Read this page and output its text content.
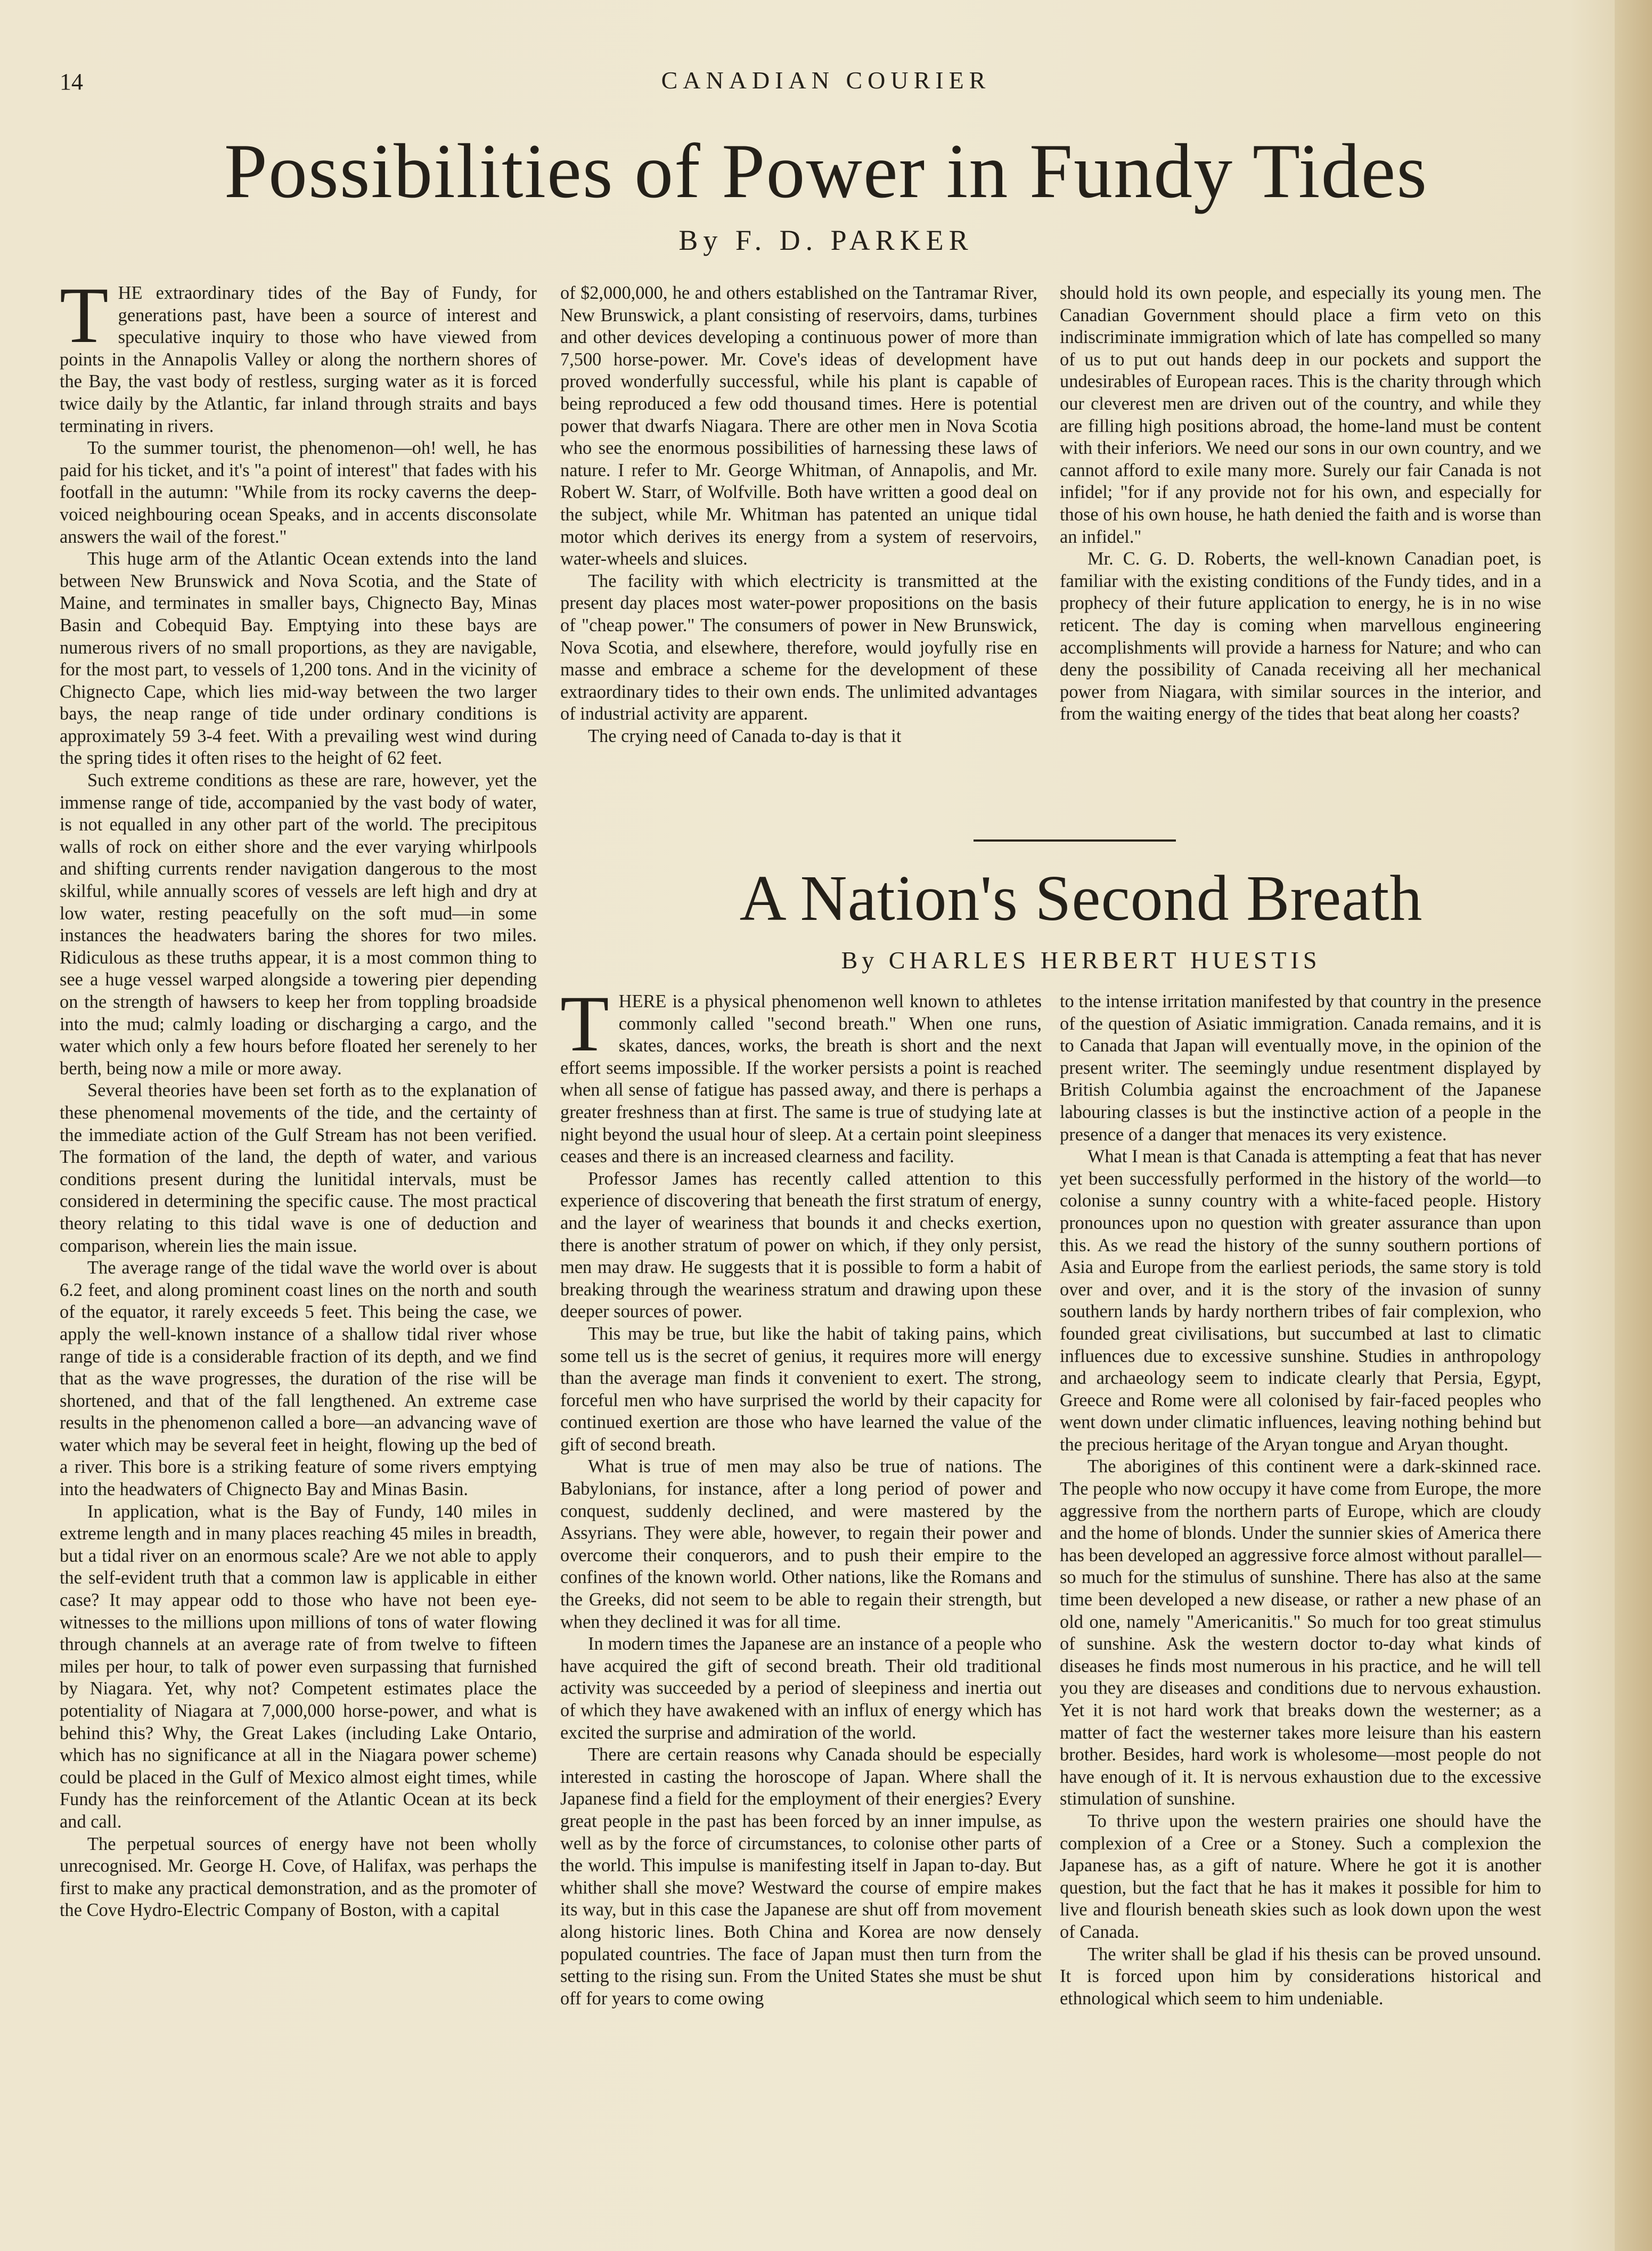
14	CANADIAN COURIER
Possibilities of Power in Fundy Tides
By F. D. PARKER

THE extraordinary tides of the Bay of Fundy, for generations past, have been a source of interest and speculative inquiry to those who have viewed from points in the Annapolis Valley or along the northern shores of the Bay, the vast body of restless, surging water as it is forced twice daily by the Atlantic, far inland through straits and bays terminating in rivers.

To the summer tourist, the phenomenon—oh! well, he has paid for his ticket, and it's "a point of interest" that fades with his footfall in the autumn: "While from its rocky caverns the deep-voiced neighbouring ocean Speaks, and in accents disconsolate answers the wail of the forest."

This huge arm of the Atlantic Ocean extends into the land between New Brunswick and Nova Scotia, and the State of Maine, and terminates in smaller bays, Chignecto Bay, Minas Basin and Cobequid Bay. Emptying into these bays are numerous rivers of no small proportions, as they are navigable, for the most part, to vessels of 1,200 tons. And in the vicinity of Chignecto Cape, which lies mid-way between the two larger bays, the neap range of tide under ordinary conditions is approximately 59 3-4 feet. With a prevailing west wind during the spring tides it often rises to the height of 62 feet.

Such extreme conditions as these are rare, however, yet the immense range of tide, accompanied by the vast body of water, is not equalled in any other part of the world. The precipitous walls of rock on either shore and the ever varying whirlpools and shifting currents render navigation dangerous to the most skilful, while annually scores of vessels are left high and dry at low water, resting peacefully on the soft mud—in some instances the headwaters baring the shores for two miles. Ridiculous as these truths appear, it is a most common thing to see a huge vessel warped alongside a towering pier depending on the strength of hawsers to keep her from toppling broadside into the mud; calmly loading or discharging a cargo, and the water which only a few hours before floated her serenely to her berth, being now a mile or more away.

Several theories have been set forth as to the explanation of these phenomenal movements of the tide, and the certainty of the immediate action of the Gulf Stream has not been verified. The formation of the land, the depth of water, and various conditions present during the lunitidal intervals, must be considered in determining the specific cause. The most practical theory relating to this tidal wave is one of deduction and comparison, wherein lies the main issue.

The average range of the tidal wave the world over is about 6.2 feet, and along prominent coast lines on the north and south of the equator, it rarely exceeds 5 feet. This being the case, we apply the well-known instance of a shallow tidal river whose range of tide is a considerable fraction of its depth, and we find that as the wave progresses, the duration of the rise will be shortened, and that of the fall lengthened. An extreme case results in the phenomenon called a bore—an advancing wave of water which may be several feet in height, flowing up the bed of a river. This bore is a striking feature of some rivers emptying into the headwaters of Chignecto Bay and Minas Basin.

In application, what is the Bay of Fundy, 140 miles in extreme length and in many places reaching 45 miles in breadth, but a tidal river on an enormous scale? Are we not able to apply the self-evident truth that a common law is applicable in either case? It may appear odd to those who have not been eye-witnesses to the millions upon millions of tons of water flowing through channels at an average rate of from twelve to fifteen miles per hour, to talk of power even surpassing that furnished by Niagara. Yet, why not? Competent estimates place the potentiality of Niagara at 7,000,000 horse-power, and what is behind this? Why, the Great Lakes (including Lake Ontario, which has no significance at all in the Niagara power scheme) could be placed in the Gulf of Mexico almost eight times, while Fundy has the reinforcement of the Atlantic Ocean at its beck and call.

The perpetual sources of energy have not been wholly unrecognised. Mr. George H. Cove, of Halifax, was perhaps the first to make any practical demonstration, and as the promoter of the Cove Hydro-Electric Company of Boston, with a capital

of $2,000,000, he and others established on the Tantramar River, New Brunswick, a plant consisting of reservoirs, dams, turbines and other devices developing a continuous power of more than 7,500 horse-power. Mr. Cove's ideas of development have proved wonderfully successful, while his plant is capable of being reproduced a few odd thousand times. Here is potential power that dwarfs Niagara. There are other men in Nova Scotia who see the enormous possibilities of harnessing these laws of nature. I refer to Mr. George Whitman, of Annapolis, and Mr. Robert W. Starr, of Wolfville. Both have written a good deal on the subject, while Mr. Whitman has patented an unique tidal motor which derives its energy from a system of reservoirs, water-wheels and sluices.

The facility with which electricity is transmitted at the present day places most water-power propositions on the basis of "cheap power." The consumers of power in New Brunswick, Nova Scotia, and elsewhere, therefore, would joyfully rise en masse and embrace a scheme for the development of these extraordinary tides to their own ends. The unlimited advantages of industrial activity are apparent.

The crying need of Canada to-day is that it

should hold its own people, and especially its young men. The Canadian Government should place a firm veto on this indiscriminate immigration which of late has compelled so many of us to put out hands deep in our pockets and support the undesirables of European races. This is the charity through which our cleverest men are driven out of the country, and while they are filling high positions abroad, the home-land must be content with their inferiors. We need our sons in our own country, and we cannot afford to exile many more. Surely our fair Canada is not infidel; "for if any provide not for his own, and especially for those of his own house, he hath denied the faith and is worse than an infidel."

Mr. C. G. D. Roberts, the well-known Canadian poet, is familiar with the existing conditions of the Fundy tides, and in a prophecy of their future application to energy, he is in no wise reticent. The day is coming when marvellous engineering accomplishments will provide a harness for Nature; and who can deny the possibility of Canada receiving all her mechanical power from Niagara, with similar sources in the interior, and from the waiting energy of the tides that beat along her coasts?

A Nation's Second Breath
By CHARLES HERBERT HUESTIS

THERE is a physical phenomenon well known to athletes commonly called "second breath." When one runs, skates, dances, works, the breath is short and the next effort seems impossible. If the worker persists a point is reached when all sense of fatigue has passed away, and there is perhaps a greater freshness than at first. The same is true of studying late at night beyond the usual hour of sleep. At a certain point sleepiness ceases and there is an increased clearness and facility.

Professor James has recently called attention to this experience of discovering that beneath the first stratum of energy, and the layer of weariness that bounds it and checks exertion, there is another stratum of power on which, if they only persist, men may draw. He suggests that it is possible to form a habit of breaking through the weariness stratum and drawing upon these deeper sources of power.

This may be true, but like the habit of taking pains, which some tell us is the secret of genius, it requires more will energy than the average man finds it convenient to exert. The strong, forceful men who have surprised the world by their capacity for continued exertion are those who have learned the value of the gift of second breath.

What is true of men may also be true of nations. The Babylonians, for instance, after a long period of power and conquest, suddenly declined, and were mastered by the Assyrians. They were able, however, to regain their power and overcome their conquerors, and to push their empire to the confines of the known world. Other nations, like the Romans and the Greeks, did not seem to be able to regain their strength, but when they declined it was for all time.

In modern times the Japanese are an instance of a people who have acquired the gift of second breath. Their old traditional activity was succeeded by a period of sleepiness and inertia out of which they have awakened with an influx of energy which has excited the surprise and admiration of the world.

There are certain reasons why Canada should be especially interested in casting the horoscope of Japan. Where shall the Japanese find a field for the employment of their energies? Every great people in the past has been forced by an inner impulse, as well as by the force of circumstances, to colonise other parts of the world. This impulse is manifesting itself in Japan to-day. But whither shall she move? Westward the course of empire makes its way, but in this case the Japanese are shut off from movement along historic lines. Both China and Korea are now densely populated countries. The face of Japan must then turn from the setting to the rising sun. From the United States she must be shut off for years to come owing

to the intense irritation manifested by that country in the presence of the question of Asiatic immigration. Canada remains, and it is to Canada that Japan will eventually move, in the opinion of the present writer. The seemingly undue resentment displayed by British Columbia against the encroachment of the Japanese labouring classes is but the instinctive action of a people in the presence of a danger that menaces its very existence.

What I mean is that Canada is attempting a feat that has never yet been successfully performed in the history of the world—to colonise a sunny country with a white-faced people. History pronounces upon no question with greater assurance than upon this. As we read the history of the sunny southern portions of Asia and Europe from the earliest periods, the same story is told over and over, and it is the story of the invasion of sunny southern lands by hardy northern tribes of fair complexion, who founded great civilisations, but succumbed at last to climatic influences due to excessive sunshine. Studies in anthropology and archaeology seem to indicate clearly that Persia, Egypt, Greece and Rome were all colonised by fair-faced peoples who went down under climatic influences, leaving nothing behind but the precious heritage of the Aryan tongue and Aryan thought.

The aborigines of this continent were a dark-skinned race. The people who now occupy it have come from Europe, the more aggressive from the northern parts of Europe, which are cloudy and the home of blonds. Under the sunnier skies of America there has been developed an aggressive force almost without parallel—so much for the stimulus of sunshine. There has also at the same time been developed a new disease, or rather a new phase of an old one, namely "Americanitis." So much for too great stimulus of sunshine. Ask the western doctor to-day what kinds of diseases he finds most numerous in his practice, and he will tell you they are diseases and conditions due to nervous exhaustion. Yet it is not hard work that breaks down the westerner; as a matter of fact the westerner takes more leisure than his eastern brother. Besides, hard work is wholesome—most people do not have enough of it. It is nervous exhaustion due to the excessive stimulation of sunshine.

To thrive upon the western prairies one should have the complexion of a Cree or a Stoney. Such a complexion the Japanese has, as a gift of nature. Where he got it is another question, but the fact that he has it makes it possible for him to live and flourish beneath skies such as look down upon the west of Canada.

The writer shall be glad if his thesis can be proved unsound. It is forced upon him by considerations historical and ethnological which seem to him undeniable.
